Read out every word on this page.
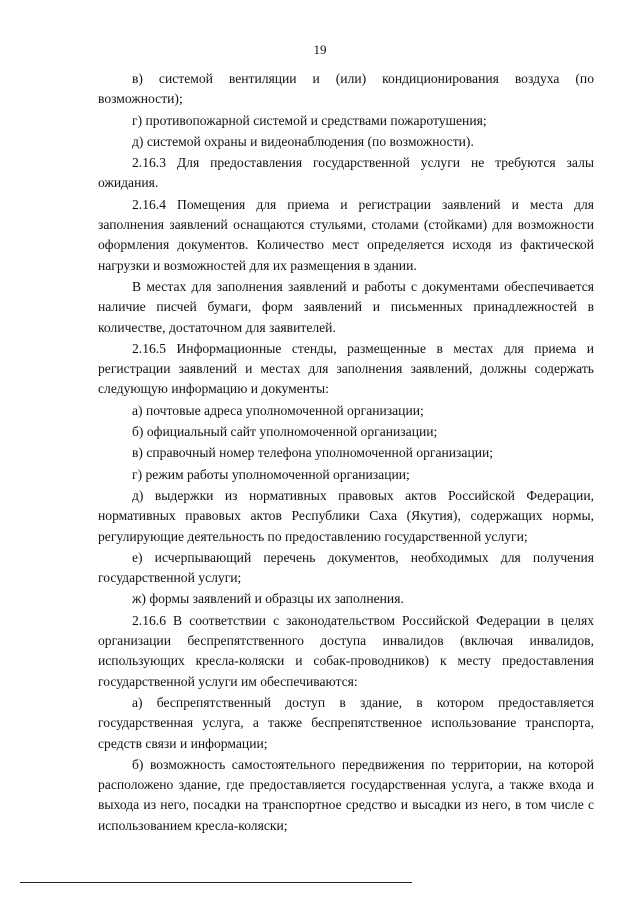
19

в) системой вентиляции и (или) кондиционирования воздуха (по возможности);

г) противопожарной системой и средствами пожаротушения;

д) системой охраны и видеонаблюдения (по возможности).

2.16.3 Для предоставления государственной услуги не требуются залы ожидания.

2.16.4 Помещения для приема и регистрации заявлений и места для заполнения заявлений оснащаются стульями, столами (стойками) для возможности оформления документов. Количество мест определяется исходя из фактической нагрузки и возможностей для их размещения в здании.

В местах для заполнения заявлений и работы с документами обеспечивается наличие писчей бумаги, форм заявлений и письменных принадлежностей в количестве, достаточном для заявителей.

2.16.5 Информационные стенды, размещенные в местах для приема и регистрации заявлений и местах для заполнения заявлений, должны содержать следующую информацию и документы:

а) почтовые адреса уполномоченной организации;

б) официальный сайт уполномоченной организации;

в) справочный номер телефона уполномоченной организации;

г) режим работы уполномоченной организации;

д) выдержки из нормативных правовых актов Российской Федерации, нормативных правовых актов Республики Саха (Якутия), содержащих нормы, регулирующие деятельность по предоставлению государственной услуги;

е) исчерпывающий перечень документов, необходимых для получения государственной услуги;

ж) формы заявлений и образцы их заполнения.

2.16.6 В соответствии с законодательством Российской Федерации в целях организации беспрепятственного доступа инвалидов (включая инвалидов, использующих кресла-коляски и собак-проводников) к месту предоставления государственной услуги им обеспечиваются:

а) беспрепятственный доступ в здание, в котором предоставляется государственная услуга, а также беспрепятственное использование транспорта, средств связи и информации;

б) возможность самостоятельного передвижения по территории, на которой расположено здание, где предоставляется государственная услуга, а также входа и выхода из него, посадки на транспортное средство и высадки из него, в том числе с использованием кресла-коляски;
